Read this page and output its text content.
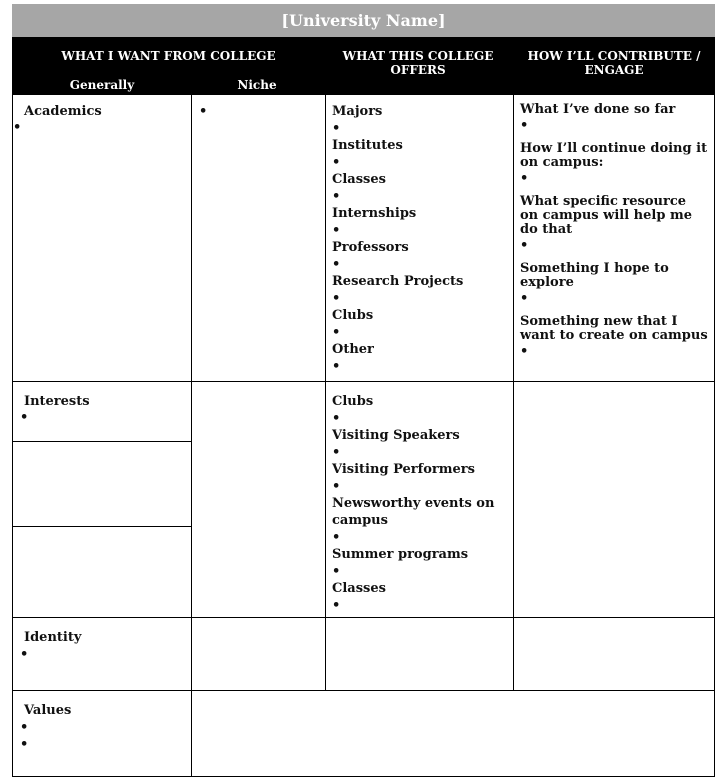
[University Name]
WHAT I WANT FROM COLLEGE
Generally	Niche
WHAT THIS COLLEGE OFFERS
HOW I’LL CONTRIBUTE / ENGAGE
Academics
•
•	Majors
•
Institutes
•
Classes
•
Internships
•
Professors
•
Research Projects
•
Clubs
•
Other
•
What I’ve done so far
•
How I’ll continue doing it on campus:
•
What specific resource on campus will help me do that
•
Something I hope to explore
•
Something new that I want to create on campus
•
Interests
•
Clubs
•
Visiting Speakers
•
Visiting Performers
•
Newsworthy events on campus
•
Summer programs
•
Classes
•
Identity
•
Values
•
•
